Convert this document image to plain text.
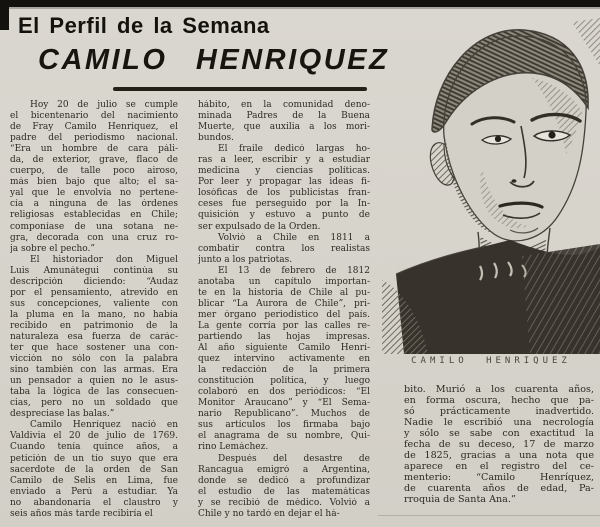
El Perfil de la Semana
CAMILO HENRIQUEZ
Hoy 20 de julio se cumple
el bicentenario del nacimiento
de Fray Camilo Henríquez, el
padre del periodismo nacional.
“Era un hombre de cara páli-
da, de exterior, grave, flaco de
cuerpo, de talle poco airoso,
más bien bajo que alto; el sa-
yal que le envolvía no pertene-
cía a ninguna de las órdenes
religiosas establecidas en Chile;
componíase de una sotana ne-
gra, decorada con una cruz ro-
ja sobre el pecho.”
El historiador don Miguel
Luis Amunátegui continúa su
descripción diciendo: “Audaz
por el pensamiento, atrevido en
sus concepciones, valiente con
la pluma en la mano, no había
recibido en patrimonio de la
naturaleza esa fuerza de carác-
ter que hace sostener una con-
vicción no sólo con la palabra
sino también con las armas. Era
un pensador a quien no le asus-
taba la lógica de las consecuen-
cias, pero no un soldado que
despreciase las balas.”
Camilo Henríquez nació en
Valdivia el 20 de julio de 1769.
Cuando tenía quince años, a
petición de un tío suyo que era
sacerdote de la orden de San
Camilo de Selis en Lima, fue
enviado a Perú a estudiar. Ya
no abandonaría el claustro y
seis años más tarde recibiría el
hábito, en la comunidad deno-
minada Padres de la Buena
Muerte, que auxilia a los mori-
bundos.
El fraile dedicó largas ho-
ras a leer, escribir y a estudiar
medicina y ciencias políticas.
Por leer y propagar las ideas fi-
losóficas de los publicistas fran-
ceses fue perseguido por la In-
quisición y estuvo a punto de
ser expulsado de la Orden.
Volvió a Chile en 1811 a
combatir contra los realistas
junto a los patriotas.
El 13 de febrero de 1812
anotaba un capítulo importan-
te en la historia de Chile al pu-
blicar “La Aurora de Chile”, pri-
mer órgano periodístico del país.
La gente corría por las calles re-
partiendo las hojas impresas.
Al año siguiente Camilo Henrí-
quez intervino activamente en
la redacción de la primera
constitución política, y luego
colaboró en dos periódicos: “El
Monitor Araucano” y “El Sema-
nario Republicano”. Muchos de
sus artículos los firmaba bajo
el anagrama de su nombre, Qui-
rino Lemáchez.
Después del desastre de
Rancagua emigró a Argentina,
donde se dedicó a profundizar
el estudio de las matemáticas
y se recibió de médico. Volvió a
Chile y no tardó en dejar el há-
CAMILO HENRIQUEZ
bito. Murió a los cuarenta años,
en forma oscura, hecho que pa-
só prácticamente inadvertido.
Nadie le escribió una necrología
y sólo se sabe con exactitud la
fecha de su deceso, 17 de marzo
de 1825, gracias a una nota que
aparece en el registro del ce-
menterio: “Camilo Henríquez,
de cuarenta años de edad, Pa-
rroquia de Santa Ana.”
